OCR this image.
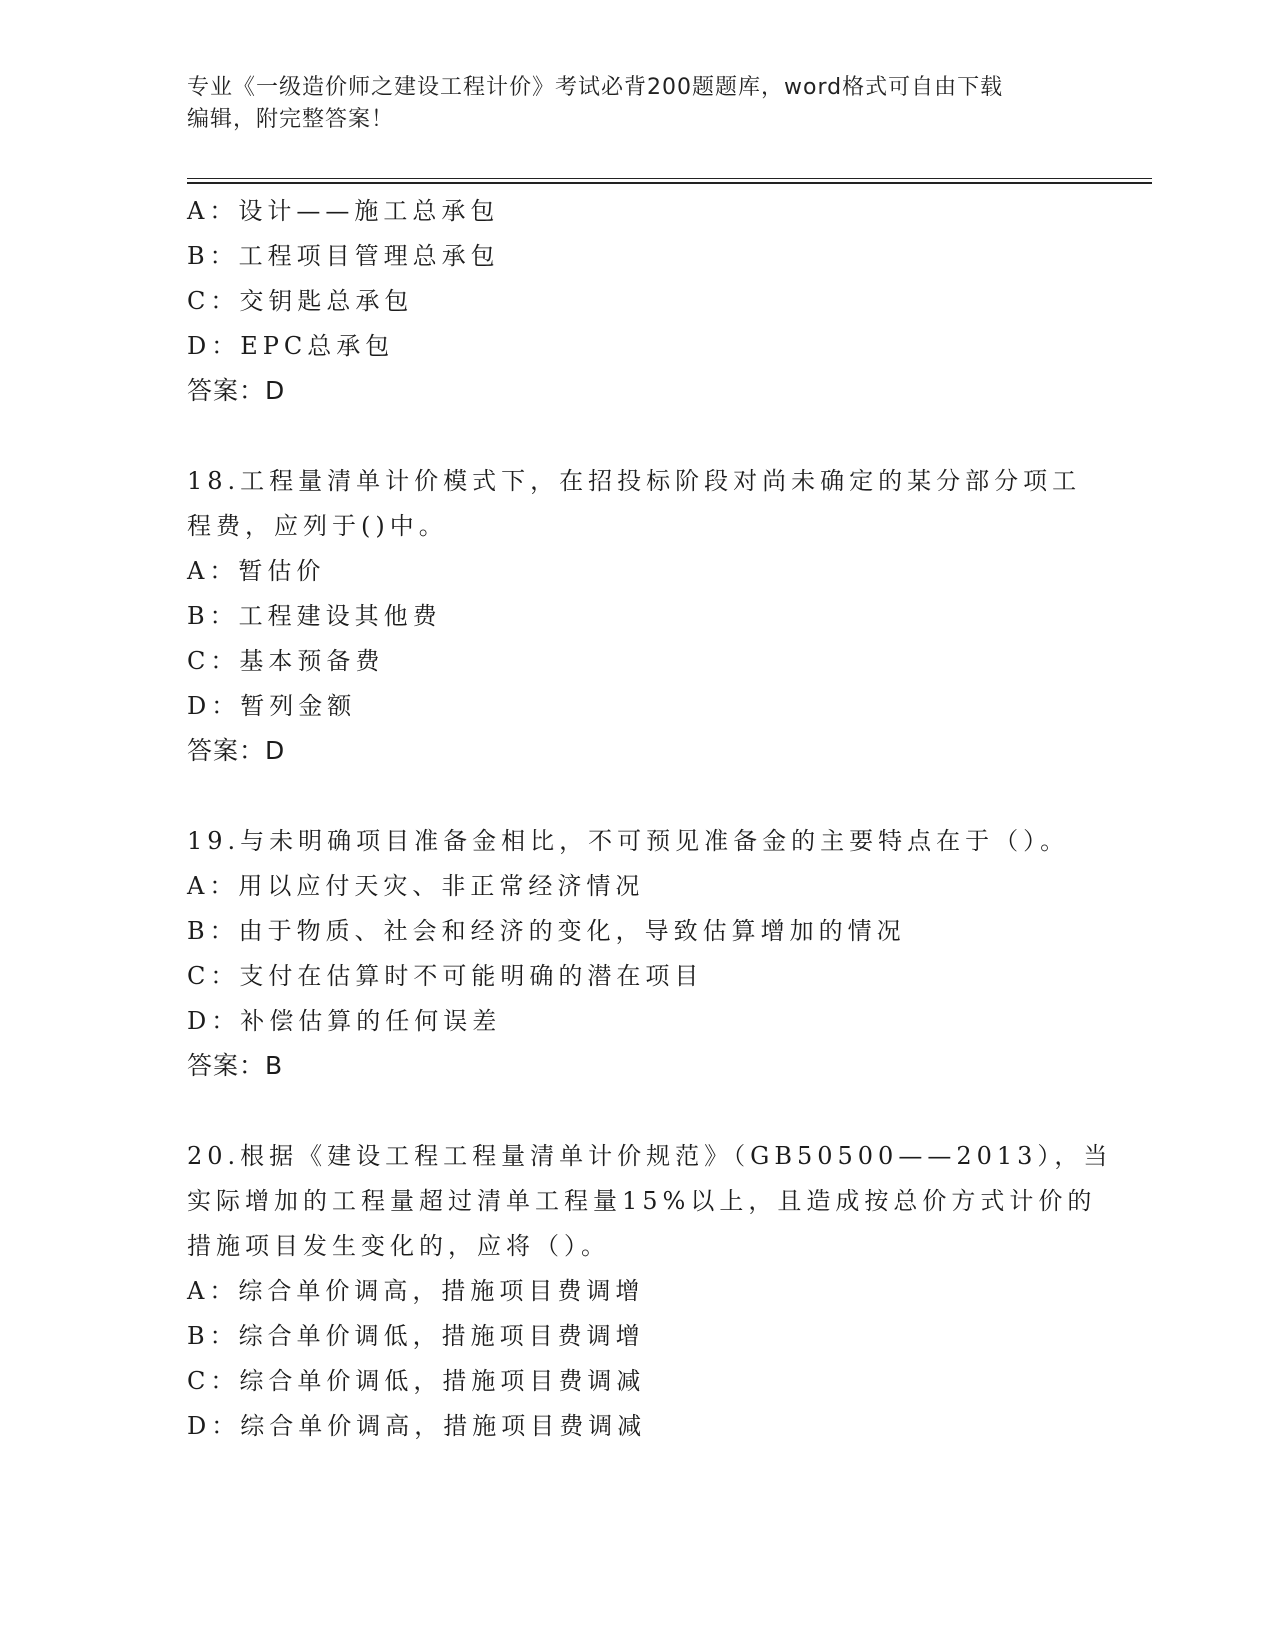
专业《一级造价师之建设工程计价》考试必背200题题库，word格式可自由下载
编辑，附完整答案！
A：设计——施工总承包
B：工程项目管理总承包
C：交钥匙总承包
D：EPC总承包
答案：D
18.工程量清单计价模式下，在招投标阶段对尚未确定的某分部分项工
程费，应列于()中。
A：暂估价
B：工程建设其他费
C：基本预备费
D：暂列金额
答案：D
19.与未明确项目准备金相比，不可预见准备金的主要特点在于（）。
A：用以应付天灾、非正常经济情况
B：由于物质、社会和经济的变化，导致估算增加的情况
C：支付在估算时不可能明确的潜在项目
D：补偿估算的任何误差
答案：B
20.根据《建设工程工程量清单计价规范》（GB50500——2013），当
实际增加的工程量超过清单工程量15%以上，且造成按总价方式计价的
措施项目发生变化的，应将（）。
A：综合单价调高，措施项目费调增
B：综合单价调低，措施项目费调增
C：综合单价调低，措施项目费调减
D：综合单价调高，措施项目费调减
